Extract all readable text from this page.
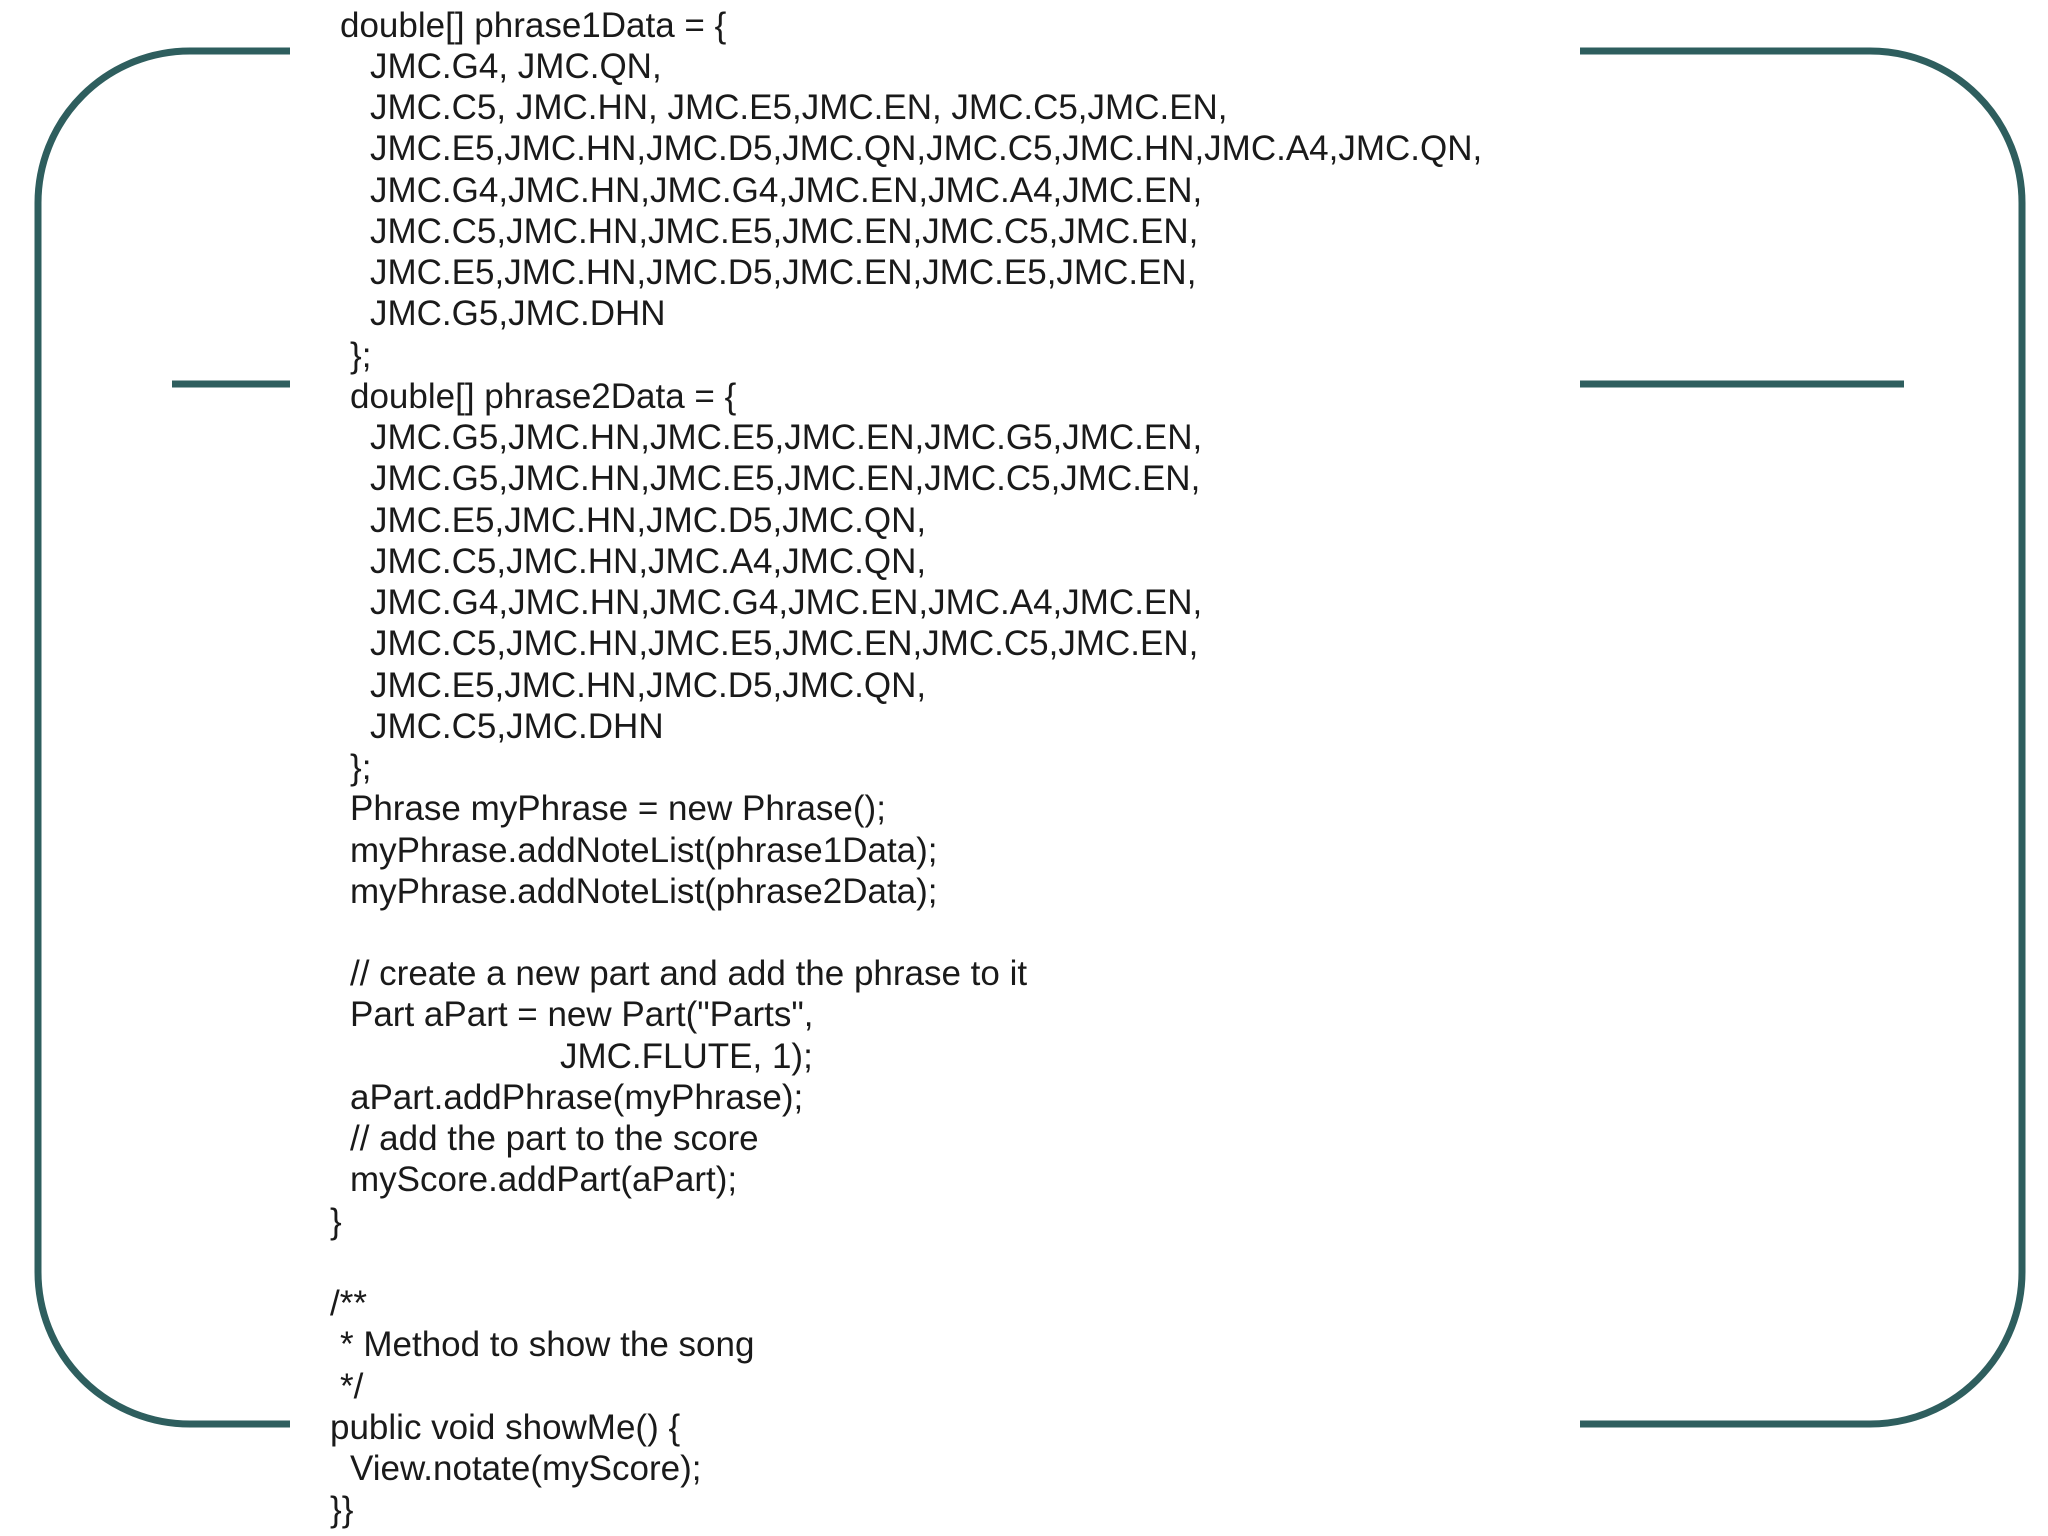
double[] phrase1Data = {
JMC.G4, JMC.QN,
JMC.C5, JMC.HN, JMC.E5,JMC.EN, JMC.C5,JMC.EN,
JMC.E5,JMC.HN,JMC.D5,JMC.QN,JMC.C5,JMC.HN,JMC.A4,JMC.QN,
JMC.G4,JMC.HN,JMC.G4,JMC.EN,JMC.A4,JMC.EN,
JMC.C5,JMC.HN,JMC.E5,JMC.EN,JMC.C5,JMC.EN,
JMC.E5,JMC.HN,JMC.D5,JMC.EN,JMC.E5,JMC.EN,
JMC.G5,JMC.DHN
};
double[] phrase2Data = {
JMC.G5,JMC.HN,JMC.E5,JMC.EN,JMC.G5,JMC.EN,
JMC.G5,JMC.HN,JMC.E5,JMC.EN,JMC.C5,JMC.EN,
JMC.E5,JMC.HN,JMC.D5,JMC.QN,
JMC.C5,JMC.HN,JMC.A4,JMC.QN,
JMC.G4,JMC.HN,JMC.G4,JMC.EN,JMC.A4,JMC.EN,
JMC.C5,JMC.HN,JMC.E5,JMC.EN,JMC.C5,JMC.EN,
JMC.E5,JMC.HN,JMC.D5,JMC.QN,
JMC.C5,JMC.DHN
};
Phrase myPhrase = new Phrase();
myPhrase.addNoteList(phrase1Data);
myPhrase.addNoteList(phrase2Data);
// create a new part and add the phrase to it
Part aPart = new Part("Parts",
JMC.FLUTE, 1);
aPart.addPhrase(myPhrase);
// add the part to the score
myScore.addPart(aPart);
}
/**
* Method to show the song
*/
public void showMe() {
View.notate(myScore);
}}
